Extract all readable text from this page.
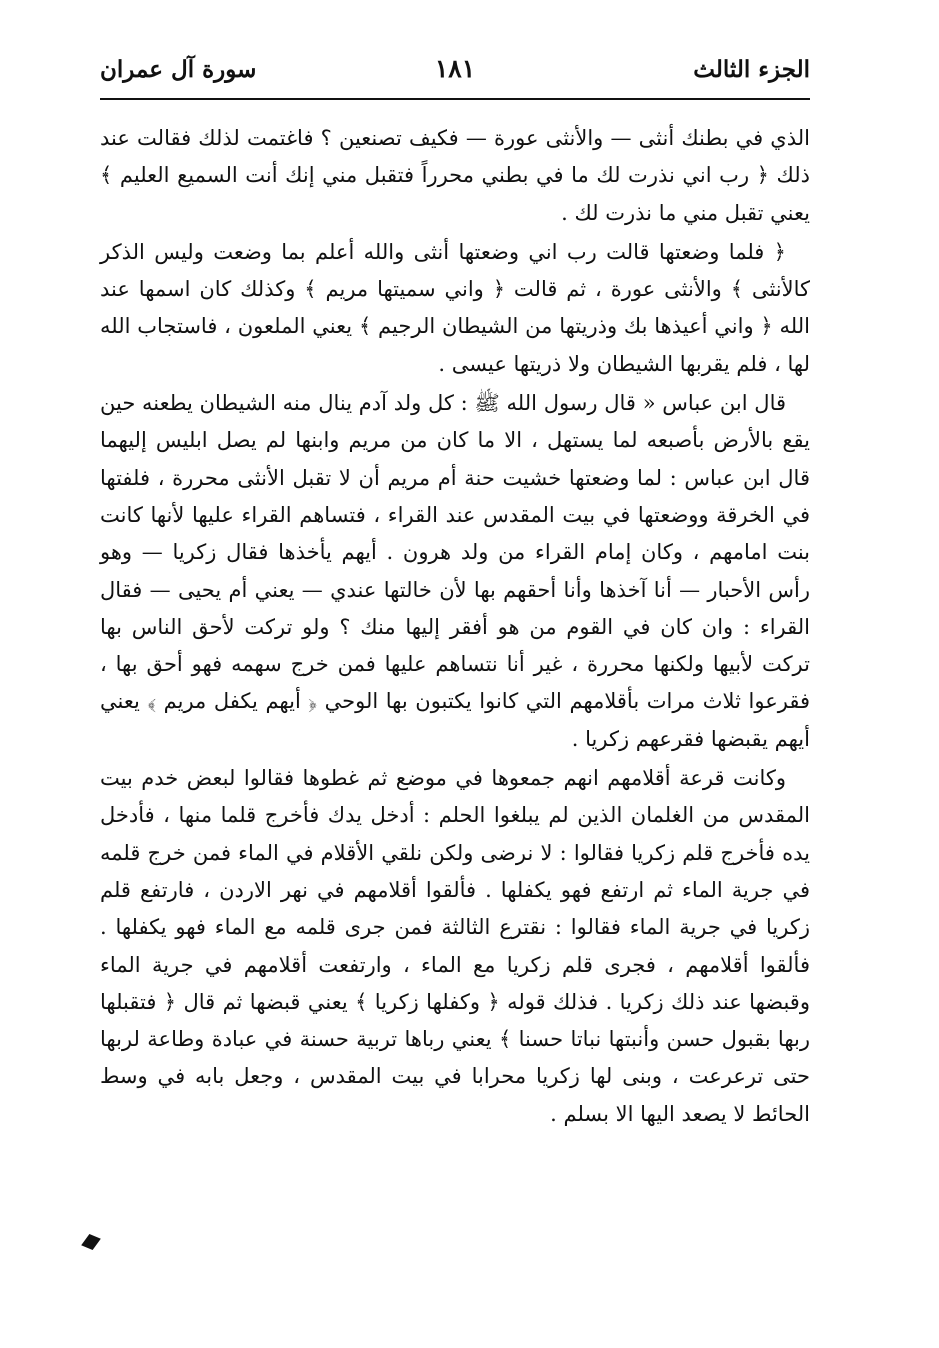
الجزء الثالث
١٨١
سورة آل عمران

الذي في بطنك أنثى — والأنثى عورة — فكيف تصنعين ؟ فاغتمت لذلك فقالت عند ذلك ﴿ رب اني نذرت لك ما في بطني محرراً فتقبل مني إنك أنت السميع العليم ﴾ يعني تقبل مني ما نذرت لك .

﴿ فلما وضعتها قالت رب اني وضعتها أنثى والله أعلم بما وضعت وليس الذكر كالأنثى ﴾ والأنثى عورة ، ثم قالت ﴿ واني سميتها مريم ﴾ وكذلك كان اسمها عند الله ﴿ واني أعيذها بك وذريتها من الشيطان الرجيم ﴾ يعني الملعون ، فاستجاب الله لها ، فلم يقربها الشيطان ولا ذريتها عيسى .

قال ابن عباس « قال رسول الله ﷺ : كل ولد آدم ينال منه الشيطان يطعنه حين يقع بالأرض بأصبعه لما يستهل ، الا ما كان من مريم وابنها لم يصل ابليس إليهما قال ابن عباس : لما وضعتها خشيت حنة أم مريم أن لا تقبل الأنثى محررة ، فلفتها في الخرقة ووضعتها في بيت المقدس عند القراء ، فتساهم القراء عليها لأنها كانت بنت امامهم ، وكان إمام القراء من ولد هرون . أيهم يأخذها فقال زكريا — وهو رأس الأحبار — أنا آخذها وأنا أحقهم بها لأن خالتها عندي — يعني أم يحيى — فقال القراء : وان كان في القوم من هو أفقر إليها منك ؟ ولو تركت لأحق الناس بها تركت لأبيها ولكنها محررة ، غير أنا نتساهم عليها فمن خرج سهمه فهو أحق بها ، فقرعوا ثلاث مرات بأقلامهم التي كانوا يكتبون بها الوحي ﴿ أيهم يكفل مريم ﴾ يعني أيهم يقبضها فقرعهم زكريا .

وكانت قرعة أقلامهم انهم جمعوها في موضع ثم غطوها فقالوا لبعض خدم بيت المقدس من الغلمان الذين لم يبلغوا الحلم : أدخل يدك فأخرج قلما منها ، فأدخل يده فأخرج قلم زكريا فقالوا : لا نرضى ولكن نلقي الأقلام في الماء فمن خرج قلمه في جرية الماء ثم ارتفع فهو يكفلها . فألقوا أقلامهم في نهر الاردن ، فارتفع قلم زكريا في جرية الماء فقالوا : نقترع الثالثة فمن جرى قلمه مع الماء فهو يكفلها . فألقوا أقلامهم ، فجرى قلم زكريا مع الماء ، وارتفعت أقلامهم في جرية الماء وقبضها عند ذلك زكريا . فذلك قوله ﴿ وكفلها زكريا ﴾ يعني قبضها ثم قال ﴿ فتقبلها ربها بقبول حسن وأنبتها نباتا حسنا ﴾ يعني رباها تربية حسنة في عبادة وطاعة لربها حتى ترعرعت ، وبنى لها زكريا محرابا في بيت المقدس ، وجعل بابه في وسط الحائط لا يصعد اليها الا بسلم .
